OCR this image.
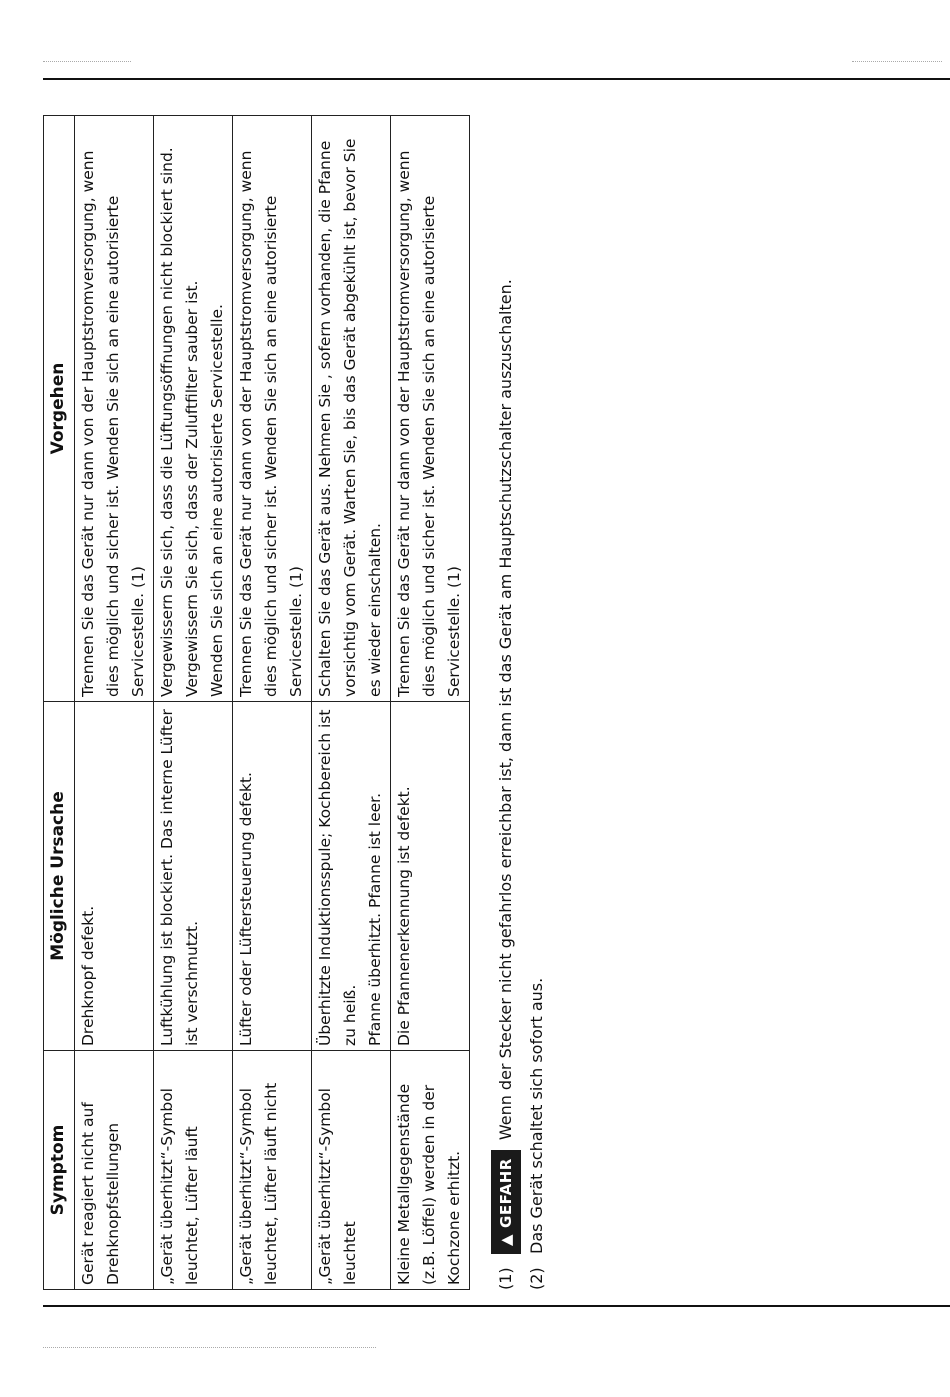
Symptom	Mögliche Ursache	Vorgehen
Gerät reagiert nicht auf Drehknopfstellungen	Drehknopf defekt.	Trennen Sie das Gerät nur dann von der Hauptstromversorgung, wenn dies möglich und sicher ist. Wenden Sie sich an eine autorisierte Servicestelle. (1)

„Gerät überhitzt“-Symbol leuchtet, Lüfter läuft	Luftkühlung ist blockiert. Das interne Lüfter ist verschmutzt.	Vergewissern Sie sich, dass die Lüftungsöffnungen nicht blockiert sind. Vergewissern Sie sich, dass der Zuluftfilter sauber ist. Wenden Sie sich an eine autorisierte Servicestelle.

„Gerät überhitzt“-Symbol leuchtet, Lüfter läuft nicht	Lüfter oder Lüftersteuerung defekt.	Trennen Sie das Gerät nur dann von der Hauptstromversorgung, wenn dies möglich und sicher ist. Wenden Sie sich an eine autorisierte Servicestelle. (1)

„Gerät überhitzt“-Symbol leuchtet	Überhitzte Induktionsspule; Kochbereich ist zu heiß. Pfanne überhitzt. Pfanne ist leer.	Schalten Sie das Gerät aus. Nehmen Sie , sofern vorhanden, die Pfanne vorsichtig vom Gerät. Warten Sie, bis das Gerät abgekühlt ist, bevor Sie es wieder einschalten.

Kleine Metallgegenstände (z.B. Löffel) werden in der Kochzone erhitzt.	Die Pfannenerkennung ist defekt.	Trennen Sie das Gerät nur dann von der Hauptstromversorgung, wenn dies möglich und sicher ist. Wenden Sie sich an eine autorisierte Servicestelle. (1)
(1)
▲
GEFAHR
Wenn der Stecker nicht gefahrlos erreichbar ist, dann ist das Gerät am Hauptschutzschalter auszuschalten.
(2)
Das Gerät schaltet sich sofort aus.
